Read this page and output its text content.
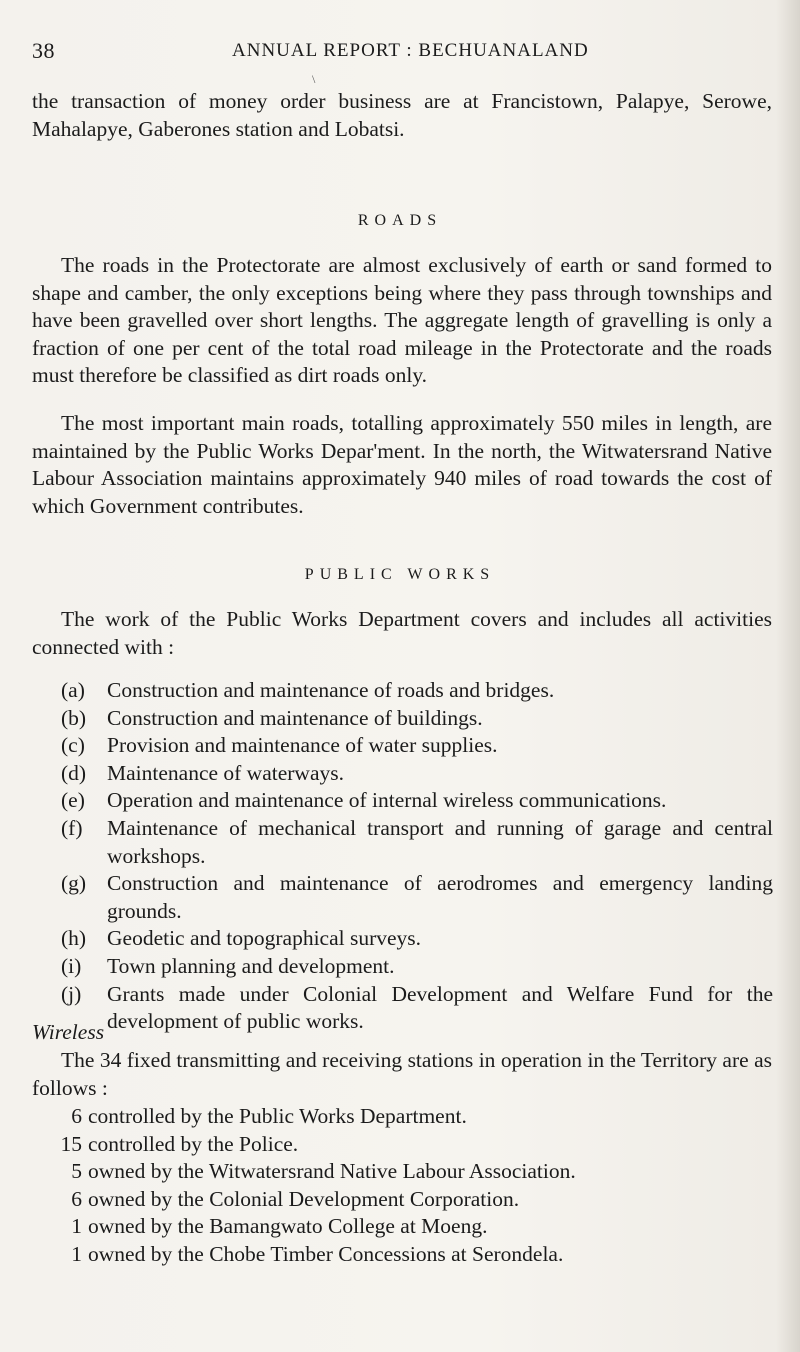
38	ANNUAL REPORT : BECHUANALAND
\

the transaction of money order business are at Francistown, Palapye, Serowe, Mahalapye, Gaberones station and Lobatsi.

ROADS

The roads in the Protectorate are almost exclusively of earth or sand formed to shape and camber, the only exceptions being where they pass through townships and have been gravelled over short lengths. The aggregate length of gravelling is only a fraction of one per cent of the total road mileage in the Protectorate and the roads must therefore be classified as dirt roads only.

The most important main roads, totalling approximately 550 miles in length, are maintained by the Public Works Depar'ment. In the north, the Witwatersrand Native Labour Association maintains approximately 940 miles of road towards the cost of which Government contributes.

PUBLIC WORKS

The work of the Public Works Department covers and includes all activities connected with :

(a) Construction and maintenance of roads and bridges.
(b) Construction and maintenance of buildings.
(c) Provision and maintenance of water supplies.
(d) Maintenance of waterways.
(e) Operation and maintenance of internal wireless communications.
(f) Maintenance of mechanical transport and running of garage and central workshops.
(g) Construction and maintenance of aerodromes and emergency landing grounds.
(h) Geodetic and topographical surveys.
(i) Town planning and development.
(j) Grants made under Colonial Development and Welfare Fund for the development of public works.
Wireless

The 34 fixed transmitting and receiving stations in operation in the Territory are as follows :

6 controlled by the Public Works Department.
15 controlled by the Police.
5 owned by the Witwatersrand Native Labour Association.
6 owned by the Colonial Development Corporation.
1 owned by the Bamangwato College at Moeng.
1 owned by the Chobe Timber Concessions at Serondela.
